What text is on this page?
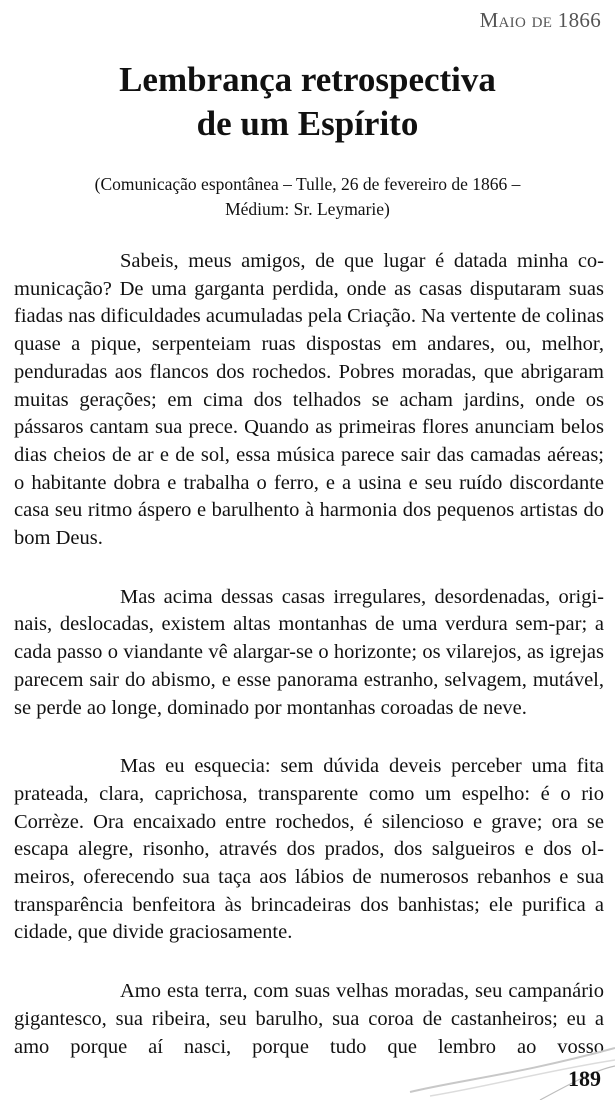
Maio de 1866

Lembrança retrospectiva
de um Espírito

(Comunicação espontânea – Tulle, 26 de fevereiro de 1866 –
Médium: Sr. Leymarie)

Sabeis, meus amigos, de que lugar é datada minha comunicação? De uma garganta perdida, onde as casas disputaram suas fiadas nas dificuldades acumuladas pela Criação. Na vertente de colinas quase a pique, serpenteiam ruas dispostas em andares, ou, melhor, penduradas aos flancos dos rochedos. Pobres moradas, que abrigaram muitas gerações; em cima dos telhados se acham jardins, onde os pássaros cantam sua prece. Quando as primeiras flores anunciam belos dias cheios de ar e de sol, essa música parece sair das camadas aéreas; o habitante dobra e trabalha o ferro, e a usina e seu ruído discordante casa seu ritmo áspero e barulhento à harmonia dos pequenos artistas do bom Deus.

Mas acima dessas casas irregulares, desordenadas, originais, deslocadas, existem altas montanhas de uma verdura sem-par; a cada passo o viandante vê alargar-se o horizonte; os vilarejos, as igrejas parecem sair do abismo, e esse panorama estranho, selvagem, mutável, se perde ao longe, dominado por montanhas coroadas de neve.

Mas eu esquecia: sem dúvida deveis perceber uma fita prateada, clara, caprichosa, transparente como um espelho: é o rio Corrèze. Ora encaixado entre rochedos, é silencioso e grave; ora se escapa alegre, risonho, através dos prados, dos salgueiros e dos olmeiros, oferecendo sua taça aos lábios de numerosos rebanhos e sua transparência benfeitora às brincadeiras dos banhistas; ele purifica a cidade, que divide graciosamente.

Amo esta terra, com suas velhas moradas, seu campanário gigantesco, sua ribeira, seu barulho, sua coroa de castanheiros; eu a amo porque aí nasci, porque tudo que lembro ao vosso

189
